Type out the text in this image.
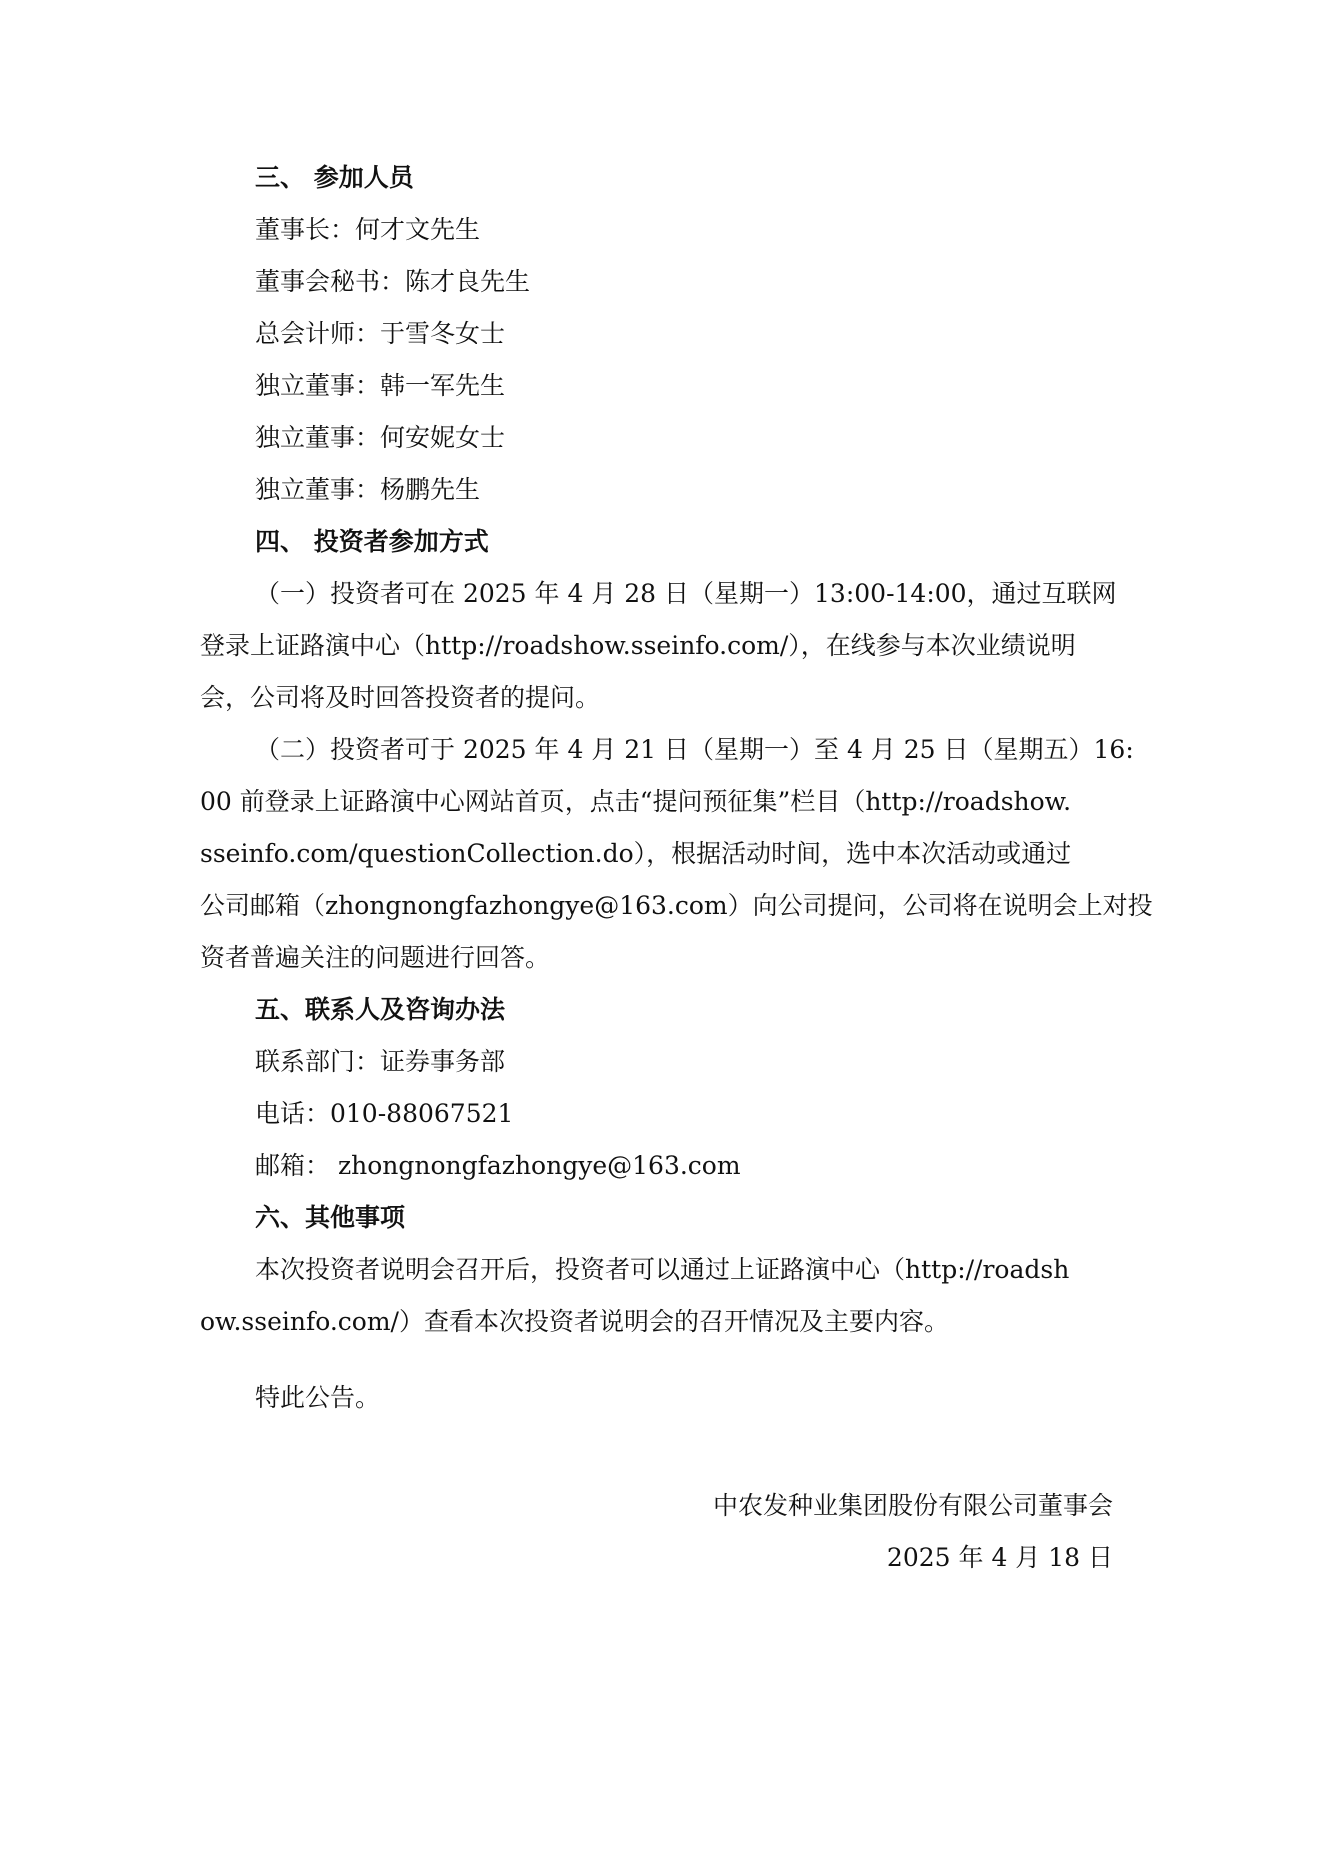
三、 参加人员
董事长：何才文先生
董事会秘书：陈才良先生
总会计师：于雪冬女士
独立董事：韩一军先生
独立董事：何安妮女士
独立董事：杨鹏先生
四、 投资者参加方式
（一）投资者可在 2025 年 4 月 28 日（星期一）13:00-14:00，通过互联网
登录上证路演中心（http://roadshow.sseinfo.com/），在线参与本次业绩说明
会，公司将及时回答投资者的提问。
（二）投资者可于 2025 年 4 月 21 日（星期一）至 4 月 25 日（星期五）16:
00 前登录上证路演中心网站首页，点击“提问预征集”栏目（http://roadshow.
sseinfo.com/questionCollection.do），根据活动时间，选中本次活动或通过
公司邮箱（zhongnongfazhongye@163.com）向公司提问，公司将在说明会上对投
资者普遍关注的问题进行回答。
五、联系人及咨询办法
联系部门：证券事务部
电话：010-88067521
邮箱： zhongnongfazhongye@163.com
六、其他事项
本次投资者说明会召开后，投资者可以通过上证路演中心（http://roadsh
ow.sseinfo.com/）查看本次投资者说明会的召开情况及主要内容。
特此公告。
中农发种业集团股份有限公司董事会
2025 年 4 月 18 日
